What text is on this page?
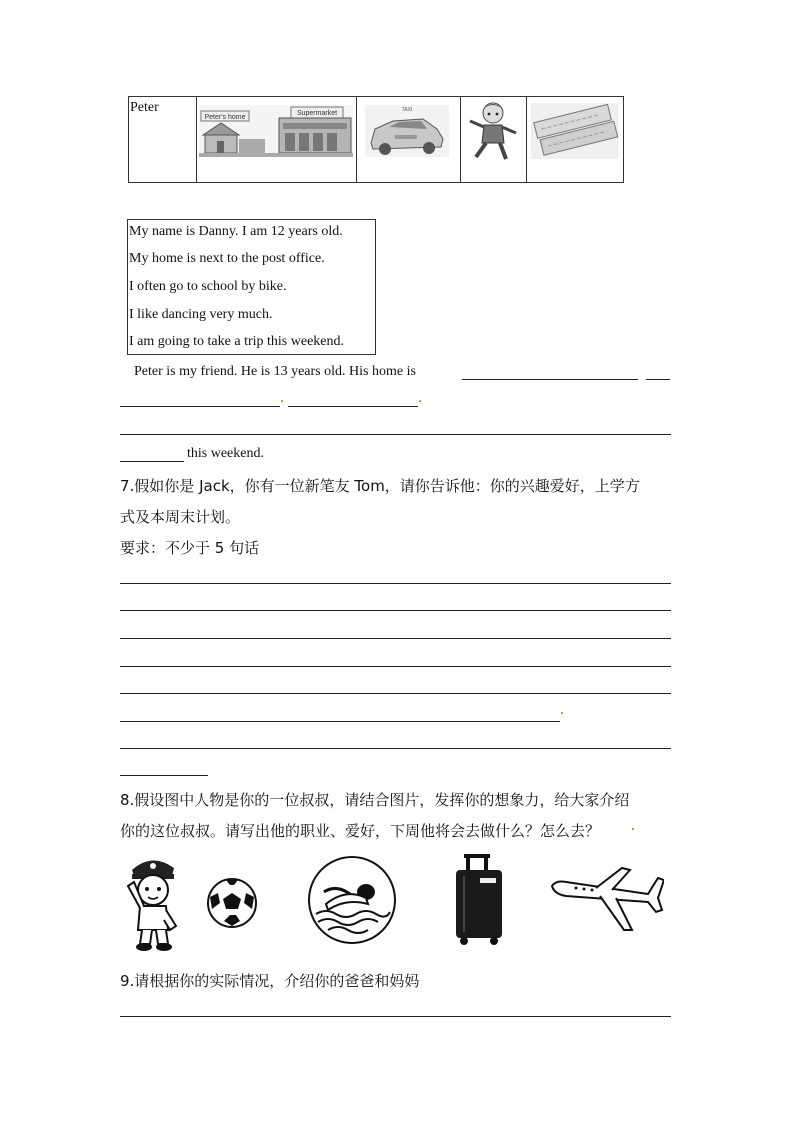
Peter
Peter's home
Supermarket	TAXI
My name is Danny. I am 12 years old.
My home is next to the post office.
I often go to school by bike.
I like dancing very much.
I am going to take a trip this weekend.
Peter is my friend. He is 13 years old. His home is
this weekend.
7.假如你是 Jack，你有一位新笔友 Tom，请你告诉他：你的兴趣爱好，上学方
式及本周末计划。
要求：不少于 5 句话
8.假设图中人物是你的一位叔叔，请结合图片，发挥你的想象力，给大家介绍
你的这位叔叔。请写出他的职业、爱好，下周他将会去做什么？怎么去？
9.请根据你的实际情况，介绍你的爸爸和妈妈
